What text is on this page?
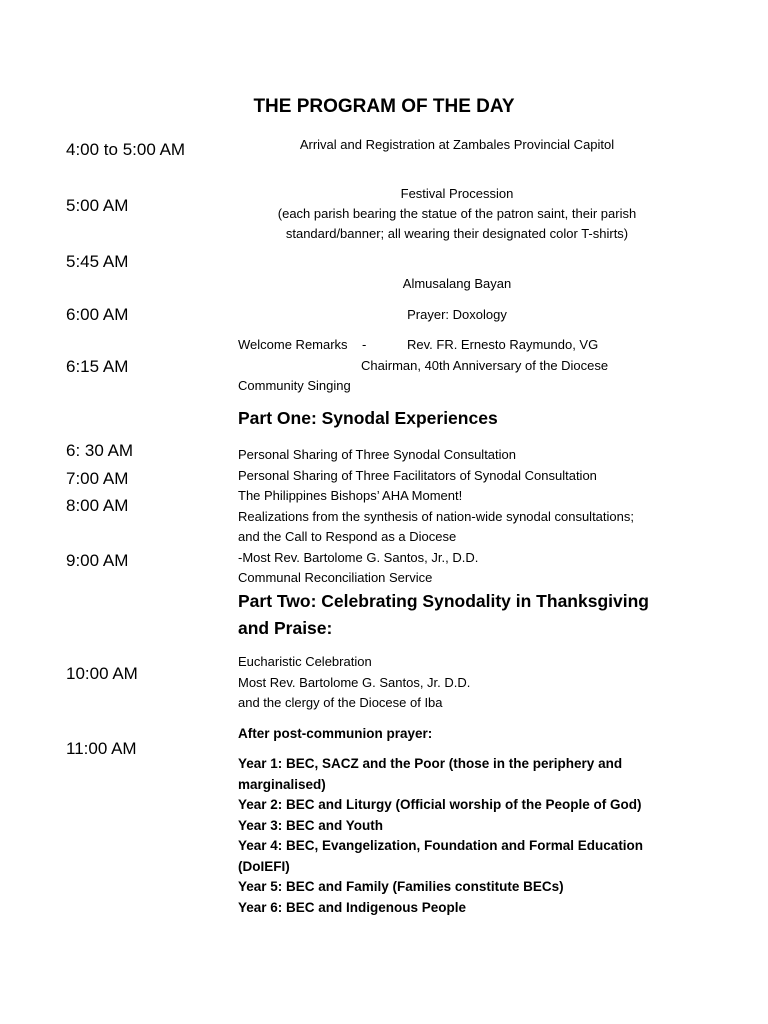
THE PROGRAM OF THE DAY
4:00 to 5:00 AM
5:00 AM
5:45 AM
6:00 AM
6:15 AM
6: 30 AM
7:00 AM
8:00 AM
9:00 AM
10:00 AM
11:00 AM
Arrival and Registration at Zambales Provincial Capitol
Festival Procession
(each parish bearing the statue of the patron saint, their parish
standard/banner; all wearing their designated color T-shirts)
Almusalang Bayan
Prayer: Doxology
Welcome Remarks -	Rev. FR. Ernesto Raymundo, VG
Chairman, 40th Anniversary of the Diocese
Community Singing
Part One: Synodal Experiences
Personal Sharing of Three Synodal Consultation
Personal Sharing of Three Facilitators of Synodal Consultation
The Philippines Bishops’ AHA Moment!
Realizations from the synthesis of nation-wide synodal consultations;
and the Call to Respond as a Diocese
-Most Rev. Bartolome G. Santos, Jr., D.D.
Communal Reconciliation Service
Part Two: Celebrating Synodality in Thanksgiving and Praise:
Eucharistic Celebration
Most Rev. Bartolome G. Santos, Jr. D.D.
and the clergy of the Diocese of Iba
After post-communion prayer:
Year 1: BEC, SACZ and the Poor (those in the periphery and
marginalised)
Year 2: BEC and Liturgy (Official worship of the People of God)
Year 3: BEC and Youth
Year 4: BEC, Evangelization, Foundation and Formal Education
(DoIEFI)
Year 5: BEC and Family (Families constitute BECs)
Year 6: BEC and Indigenous People
